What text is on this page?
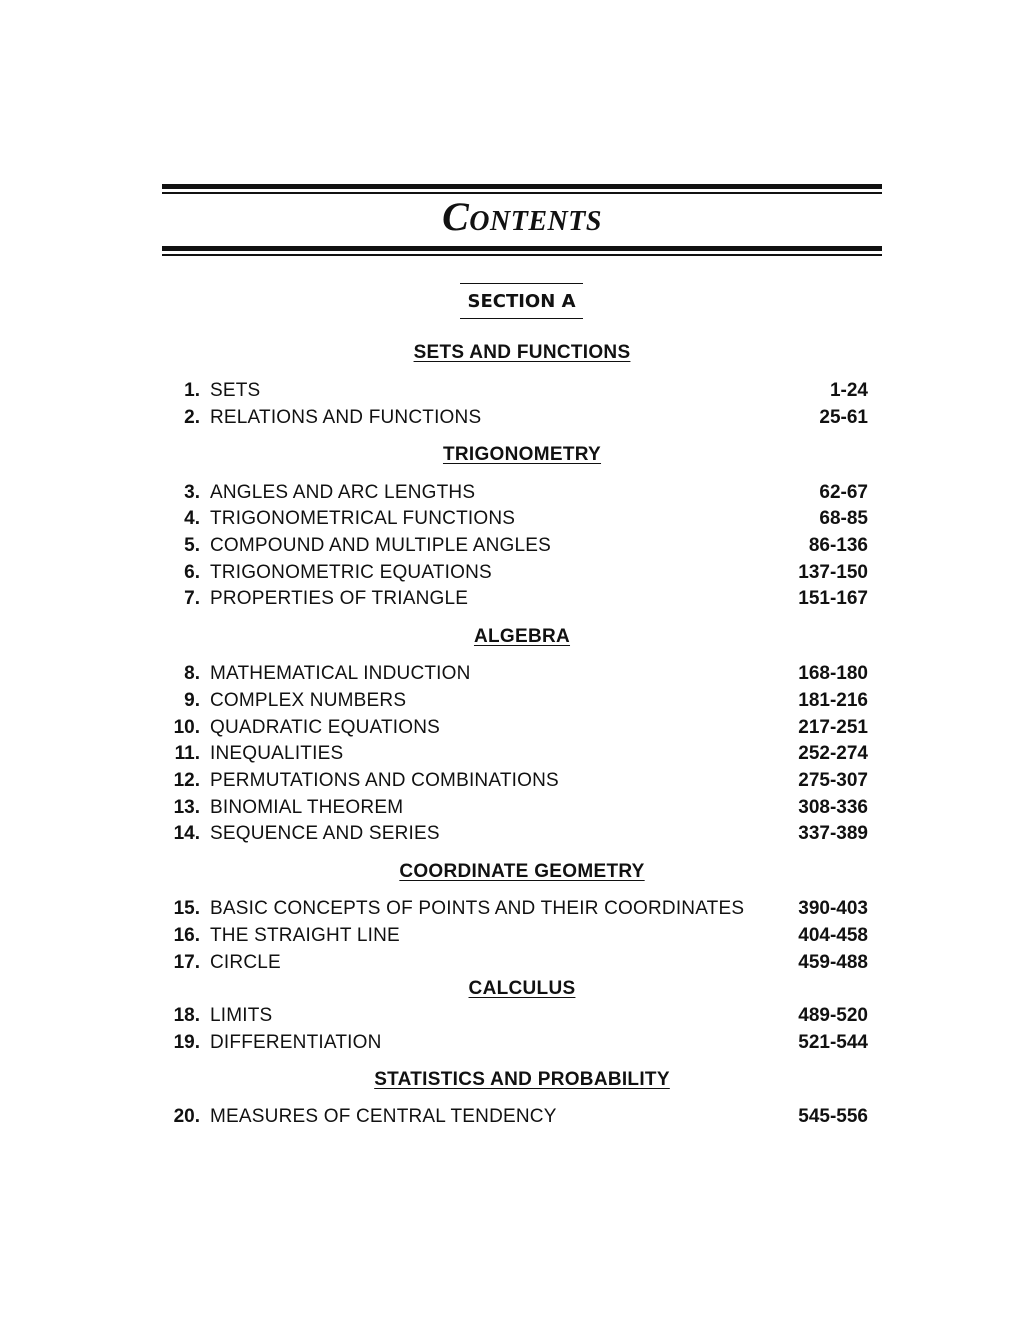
Contents
SECTION A
SETS AND FUNCTIONS
1. SETS	1-24
2. RELATIONS AND FUNCTIONS	25-61
TRIGONOMETRY
3. ANGLES AND ARC LENGTHS	62-67
4. TRIGONOMETRICAL FUNCTIONS	68-85
5. COMPOUND AND MULTIPLE ANGLES	86-136
6. TRIGONOMETRIC EQUATIONS	137-150
7. PROPERTIES OF TRIANGLE	151-167
ALGEBRA
8. MATHEMATICAL INDUCTION	168-180
9. COMPLEX NUMBERS	181-216
10. QUADRATIC EQUATIONS	217-251
11. INEQUALITIES	252-274
12. PERMUTATIONS AND COMBINATIONS	275-307
13. BINOMIAL THEOREM	308-336
14. SEQUENCE AND SERIES	337-389
COORDINATE GEOMETRY
15. BASIC CONCEPTS OF POINTS AND THEIR COORDINATES	390-403
16. THE STRAIGHT LINE	404-458
17. CIRCLE	459-488
CALCULUS
18. LIMITS	489-520
19. DIFFERENTIATION	521-544
STATISTICS AND PROBABILITY
20. MEASURES OF CENTRAL TENDENCY	545-556
